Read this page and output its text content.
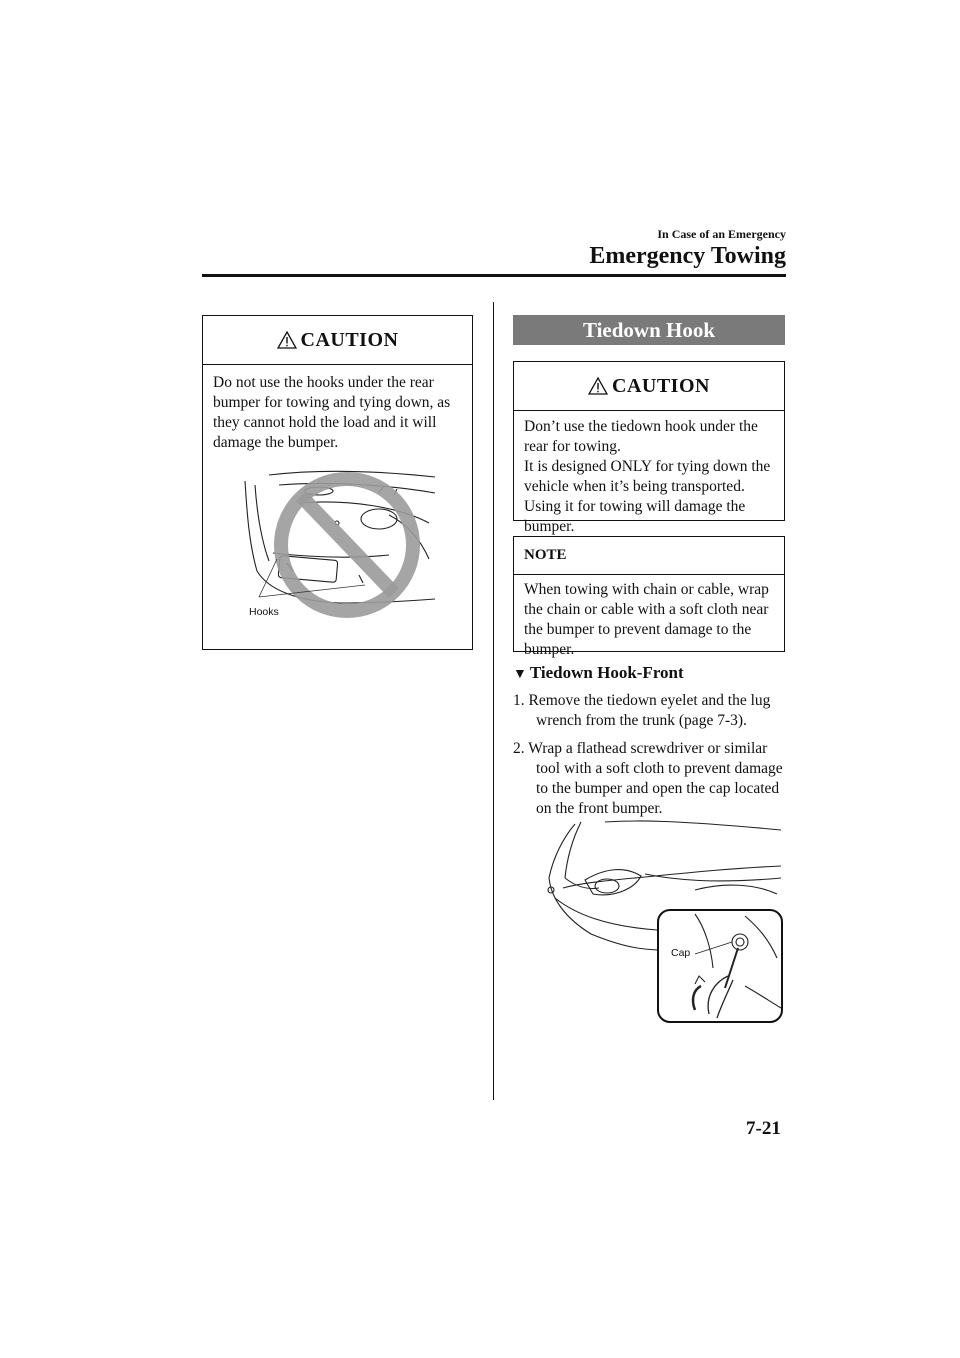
In Case of an Emergency
Emergency Towing
CAUTION
Do not use the hooks under the rear bumper for towing and tying down, as they cannot hold the load and it will damage the bumper.
Hooks
Tiedown Hook
CAUTION
Don’t use the tiedown hook under the rear for towing.
It is designed ONLY for tying down the vehicle when it’s being transported.
Using it for towing will damage the bumper.
NOTE
When towing with chain or cable, wrap the chain or cable with a soft cloth near the bumper to prevent damage to the bumper.
▼ Tiedown Hook-Front
1. Remove the tiedown eyelet and the lug wrench from the trunk (page 7-3).
2. Wrap a flathead screwdriver or similar tool with a soft cloth to prevent damage to the bumper and open the cap located on the front bumper.
Cap
7-21
